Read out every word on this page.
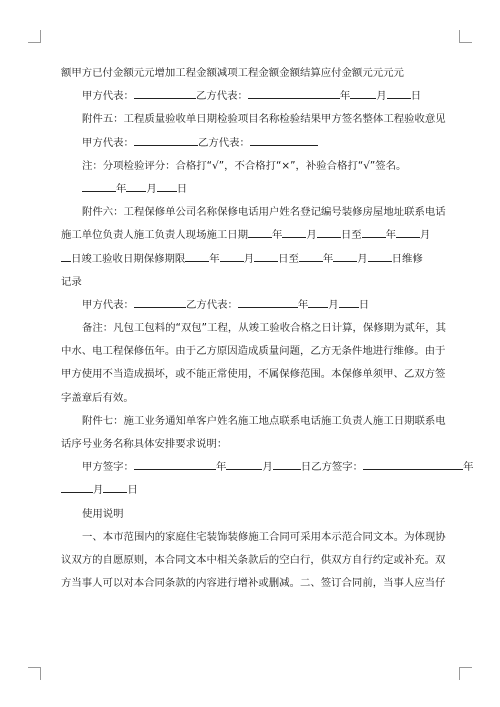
额甲方已付金额元元增加工程金额减项工程金额金额结算应付金额元元元元
甲方代表：	乙方代表：	年	月 日
附件五：工程质量验收单日期检验项目名称检验结果甲方签名整体工程验收意见
甲方代表：	乙方代表：
注：分项检验评分：合格打“√”，不合格打“×”，补验合格打“√”签名。
年 月 日
附件六：工程保修单公司名称保修电话用户姓名登记编号装修房屋地址联系电话
施工单位负责人施工负责人现场施工日期 年 月 日至 年 月
日竣工验收日期保修期限 年 月 日至 年 月 日维修
记录
甲方代表：	乙方代表：	年 月 日
备注：凡包工包料的“双包”工程，从竣工验收合格之日计算，保修期为贰年，其
中水、电工程保修伍年。由于乙方原因造成质量问题，乙方无条件地进行维修。由于
甲方使用不当造成损坏，或不能正常使用，不属保修范围。本保修单须甲、乙双方签
字盖章后有效。
附件七：施工业务通知单客户姓名施工地点联系电话施工负责人施工日期联系电
话序号业务名称具体安排要求说明：
甲方签字：	年	月	日乙方签字：	年
月 日
使用说明
一、本市范围内的家庭住宅装饰装修施工合同可采用本示范合同文本。为体现协
议双方的自愿原则，本合同文本中相关条款后的空白行，供双方自行约定或补充。双
方当事人可以对本合同条款的内容进行增补或删减。二、签订合同前，当事人应当仔
